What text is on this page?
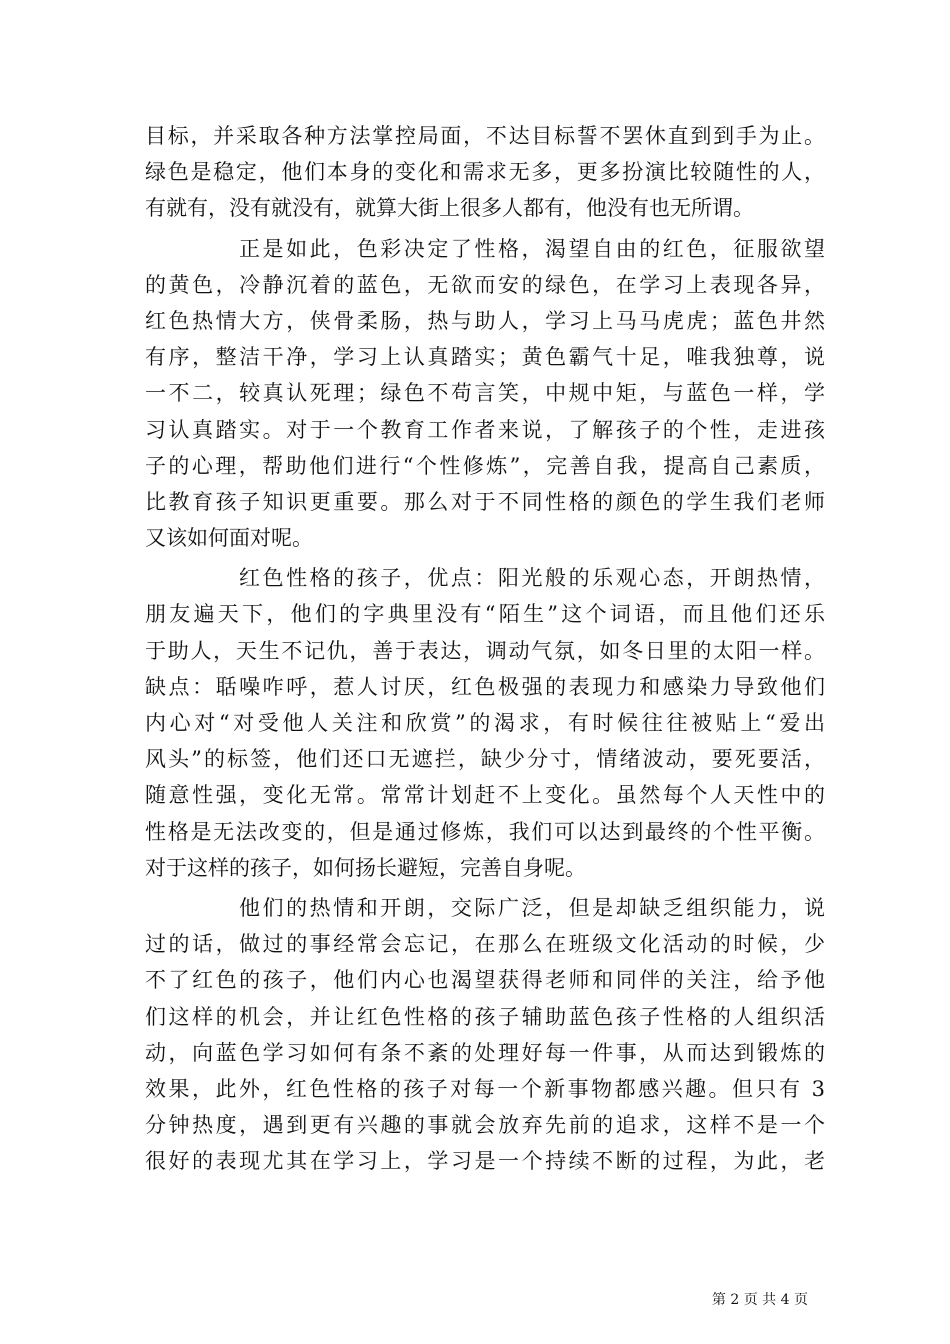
目标，并采取各种方法掌控局面，不达目标誓不罢休直到到手为止。
绿色是稳定，他们本身的变化和需求无多，更多扮演比较随性的人，
有就有，没有就没有，就算大街上很多人都有，他没有也无所谓。
正是如此，色彩决定了性格，渴望自由的红色，征服欲望
的黄色，冷静沉着的蓝色，无欲而安的绿色，在学习上表现各异，
红色热情大方，侠骨柔肠，热与助人，学习上马马虎虎；蓝色井然
有序，整洁干净，学习上认真踏实；黄色霸气十足，唯我独尊，说
一不二，较真认死理；绿色不苟言笑，中规中矩，与蓝色一样，学
习认真踏实。对于一个教育工作者来说，了解孩子的个性，走进孩
子的心理，帮助他们进行“个性修炼”，完善自我，提高自己素质，
比教育孩子知识更重要。那么对于不同性格的颜色的学生我们老师
又该如何面对呢。
红色性格的孩子，优点：阳光般的乐观心态，开朗热情，
朋友遍天下，他们的字典里没有“陌生”这个词语，而且他们还乐
于助人，天生不记仇，善于表达，调动气氛，如冬日里的太阳一样。
缺点：聒噪咋呼，惹人讨厌，红色极强的表现力和感染力导致他们
内心对“对受他人关注和欣赏”的渴求，有时候往往被贴上“爱出
风头”的标签，他们还口无遮拦，缺少分寸，情绪波动，要死要活，
随意性强，变化无常。常常计划赶不上变化。虽然每个人天性中的
性格是无法改变的，但是通过修炼，我们可以达到最终的个性平衡。
对于这样的孩子，如何扬长避短，完善自身呢。
他们的热情和开朗，交际广泛，但是却缺乏组织能力，说
过的话，做过的事经常会忘记，在那么在班级文化活动的时候，少
不了红色的孩子，他们内心也渴望获得老师和同伴的关注，给予他
们这样的机会，并让红色性格的孩子辅助蓝色孩子性格的人组织活
动，向蓝色学习如何有条不紊的处理好每一件事，从而达到锻炼的
效果，此外，红色性格的孩子对每一个新事物都感兴趣。但只有 3
分钟热度，遇到更有兴趣的事就会放弃先前的追求，这样不是一个
很好的表现尤其在学习上，学习是一个持续不断的过程，为此，老
第 2 页 共 4 页
